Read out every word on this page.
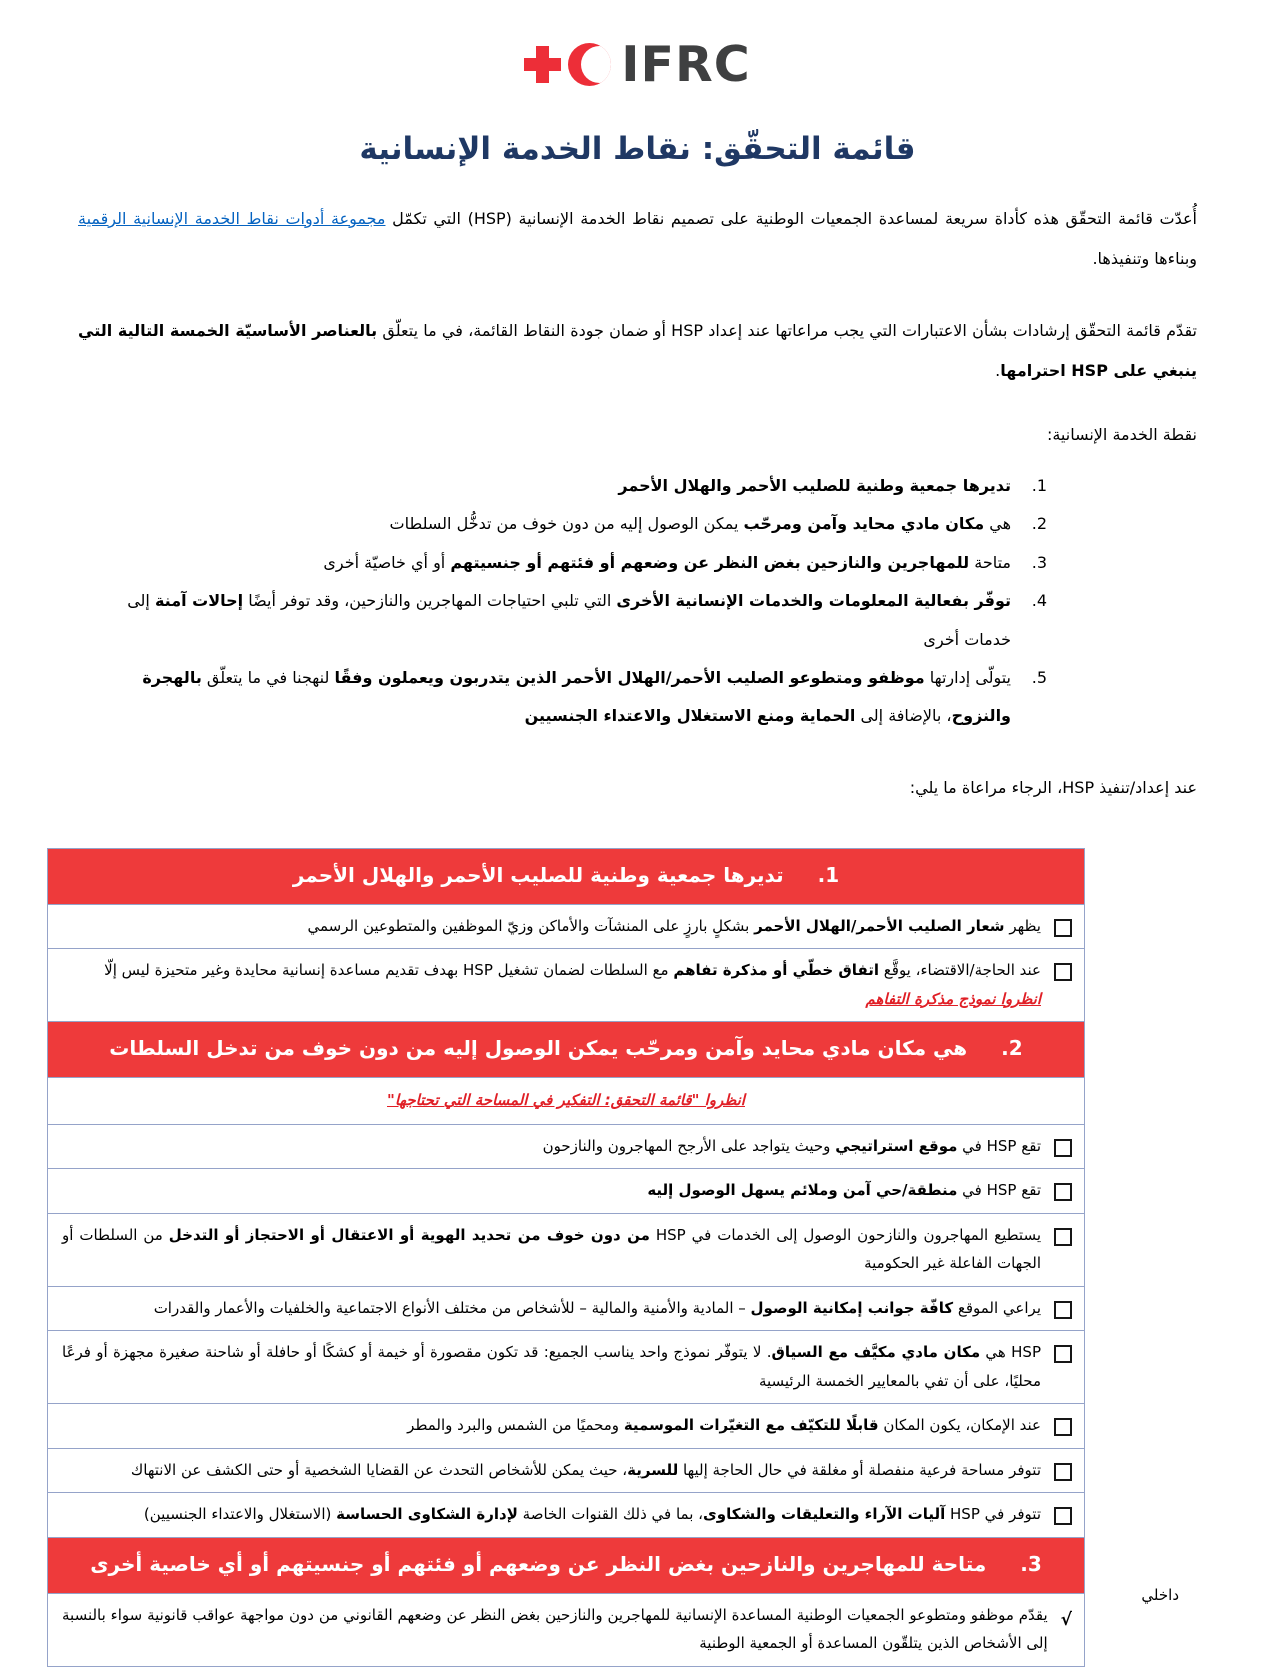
IFRC
قائمة التحقّق: نقاط الخدمة الإنسانية

أُعدّت قائمة التحقّق هذه كأداة سريعة لمساعدة الجمعيات الوطنية على تصميم نقاط الخدمة الإنسانية (HSP) التي تكمّل مجموعة أدوات نقاط الخدمة الإنسانية الرقمية وبناءها وتنفيذها.

تقدّم قائمة التحقّق إرشادات بشأن الاعتبارات التي يجب مراعاتها عند إعداد HSP أو ضمان جودة النقاط القائمة، في ما يتعلّق بالعناصر الأساسيّة الخمسة التالية التي ينبغي على HSP احترامها.

نقطة الخدمة الإنسانية:

1.
تديرها جمعية وطنية للصليب الأحمر والهلال الأحمر
2.
هي مكان مادي محايد وآمن ومرحّب يمكن الوصول إليه من دون خوف من تدخُّل السلطات
3.
متاحة للمهاجرين والنازحين بغض النظر عن وضعهم أو فئتهم أو جنسيتهم أو أي خاصيّة أخرى
4.
توفّر بفعالية المعلومات والخدمات الإنسانية الأخرى التي تلبي احتياجات المهاجرين والنازحين، وقد توفر أيضًا إحالات آمنة إلى خدمات أخرى
5.
يتولّى إدارتها موظفو ومتطوعو الصليب الأحمر/الهلال الأحمر الذين يتدربون ويعملون وفقًا لنهجنا في ما يتعلّق بالهجرة والنزوح، بالإضافة إلى الحماية ومنع الاستغلال والاعتداء الجنسيين

عند إعداد/تنفيذ HSP، الرجاء مراعاة ما يلي:

1.تديرها جمعية وطنية للصليب الأحمر والهلال الأحمر
يظهر شعار الصليب الأحمر/الهلال الأحمر بشكلٍ بارزٍ على المنشآت والأماكن وزيّ الموظفين والمتطوعين الرسمي
عند الحاجة/الاقتضاء، يوقَّع اتفاق خطّي أو مذكرة تفاهم مع السلطات لضمان تشغيل HSP بهدف تقديم مساعدة إنسانية محايدة وغير متحيزة ليس إلّا
انظروا نموذج مذكرة التفاهم
2.هي مكان مادي محايد وآمن ومرحّب يمكن الوصول إليه من دون خوف من تدخل السلطات
انظروا "قائمة التحقق: التفكير في المساحة التي تحتاجها"
تقع HSP في موقع استراتيجي وحيث يتواجد على الأرجح المهاجرون والنازحون
تقع HSP في منطقة/حي آمن وملائم يسهل الوصول إليه
يستطيع المهاجرون والنازحون الوصول إلى الخدمات في HSP من دون خوف من تحديد الهوية أو الاعتقال أو الاحتجاز أو التدخل من السلطات أو الجهات الفاعلة غير الحكومية
يراعي الموقع كافّة جوانب إمكانية الوصول – المادية والأمنية والمالية – للأشخاص من مختلف الأنواع الاجتماعية والخلفيات والأعمار والقدرات
HSP هي مكان مادي مكيَّف مع السياق. لا يتوفّر نموذج واحد يناسب الجميع: قد تكون مقصورة أو خيمة أو كشكًا أو حافلة أو شاحنة صغيرة مجهزة أو فرعًا محليًا، على أن تفي بالمعايير الخمسة الرئيسية
عند الإمكان، يكون المكان قابلًا للتكيّف مع التغيّرات الموسمية ومحميًا من الشمس والبرد والمطر
تتوفر مساحة فرعية منفصلة أو مغلقة في حال الحاجة إليها للسرية، حيث يمكن للأشخاص التحدث عن القضايا الشخصية أو حتى الكشف عن الانتهاك
تتوفر في HSP آليات الآراء والتعليقات والشكاوى، بما في ذلك القنوات الخاصة لإدارة الشكاوى الحساسة (الاستغلال والاعتداء الجنسيين)
3.متاحة للمهاجرين والنازحين بغض النظر عن وضعهم أو فئتهم أو جنسيتهم أو أي خاصية أخرى
√
يقدّم موظفو ومتطوعو الجمعيات الوطنية المساعدة الإنسانية للمهاجرين والنازحين بغض النظر عن وضعهم القانوني من دون مواجهة عواقب قانونية سواء بالنسبة إلى الأشخاص الذين يتلقّون المساعدة أو الجمعية الوطنية
داخلي
